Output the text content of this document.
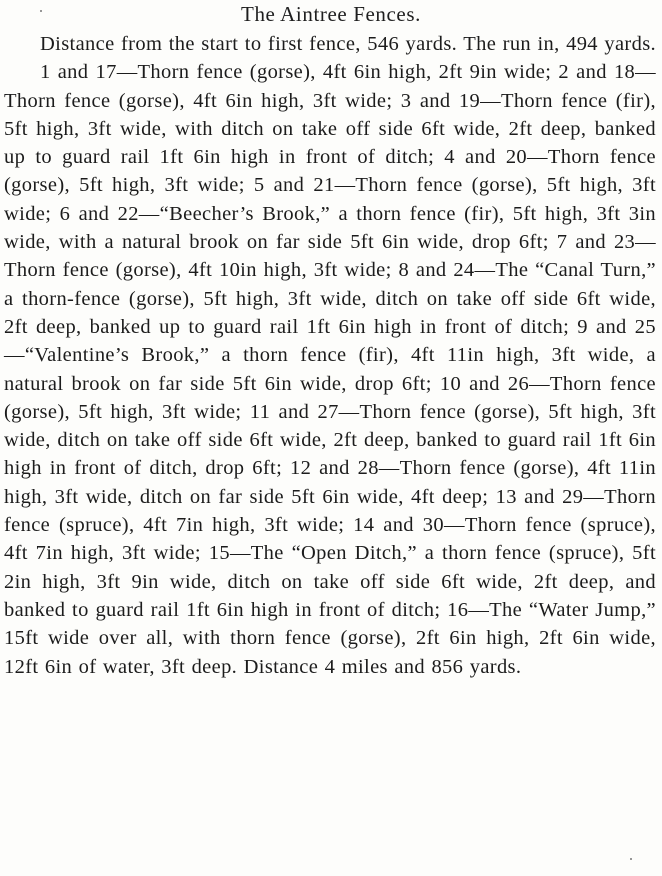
The Aintree Fences.

Distance from the start to first fence, 546 yards. The run in, 494 yards.

1 and 17—Thorn fence (gorse), 4ft 6in high, 2ft 9in wide; 2 and 18—Thorn fence (gorse), 4ft 6in high, 3ft wide; 3 and 19—Thorn fence (fir), 5ft high, 3ft wide, with ditch on take off side 6ft wide, 2ft deep, banked up to guard rail 1ft 6in high in front of ditch; 4 and 20—Thorn fence (gorse), 5ft high, 3ft wide; 5 and 21—Thorn fence (gorse), 5ft high, 3ft wide; 6 and 22—“Beecher’s Brook,” a thorn fence (fir), 5ft high, 3ft 3in wide, with a natural brook on far side 5ft 6in wide, drop 6ft; 7 and 23—Thorn fence (gorse), 4ft 10in high, 3ft wide; 8 and 24—The “Canal Turn,” a thorn-fence (gorse), 5ft high, 3ft wide, ditch on take off side 6ft wide, 2ft deep, banked up to guard rail 1ft 6in high in front of ditch; 9 and 25—“Valentine’s Brook,” a thorn fence (fir), 4ft 11in high, 3ft wide, a natural brook on far side 5ft 6in wide, drop 6ft; 10 and 26—Thorn fence (gorse), 5ft high, 3ft wide; 11 and 27—Thorn fence (gorse), 5ft high, 3ft wide, ditch on take off side 6ft wide, 2ft deep, banked to guard rail 1ft 6in high in front of ditch, drop 6ft; 12 and 28—Thorn fence (gorse), 4ft 11in high, 3ft wide, ditch on far side 5ft 6in wide, 4ft deep; 13 and 29—Thorn fence (spruce), 4ft 7in high, 3ft wide; 14 and 30—Thorn fence (spruce), 4ft 7in high, 3ft wide; 15—The “Open Ditch,” a thorn fence (spruce), 5ft 2in high, 3ft 9in wide, ditch on take off side 6ft wide, 2ft deep, and banked to guard rail 1ft 6in high in front of ditch; 16—The “Water Jump,” 15ft wide over all, with thorn fence (gorse), 2ft 6in high, 2ft 6in wide, 12ft 6in of water, 3ft deep. Distance 4 miles and 856 yards.
